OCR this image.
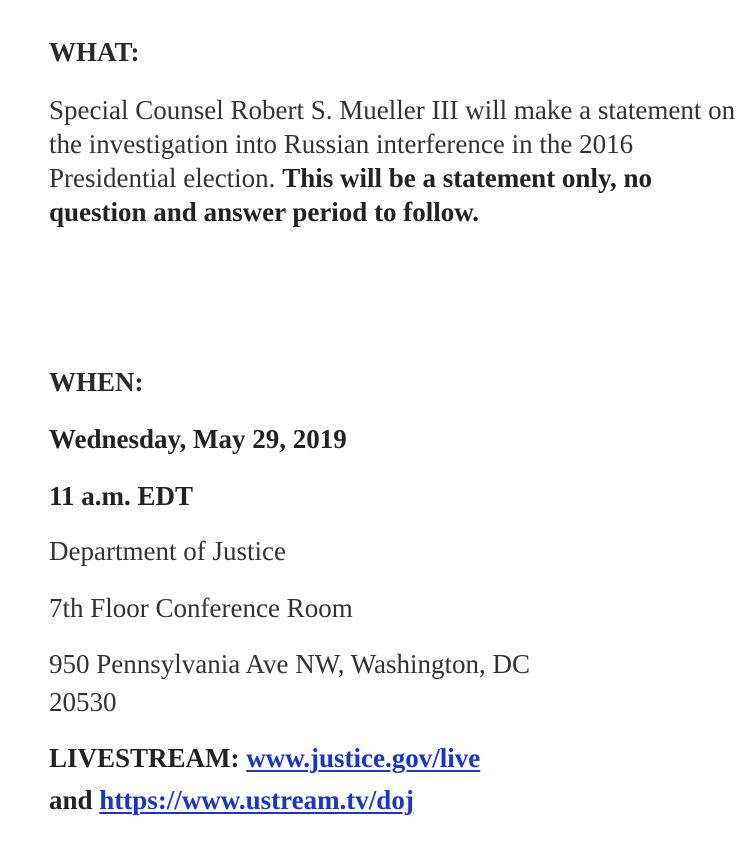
WHAT:
Special Counsel Robert S. Mueller III will make a statement on the investigation into Russian interference in the 2016 Presidential election. This will be a statement only, no question and answer period to follow.
WHEN:
Wednesday, May 29, 2019
11 a.m. EDT
Department of Justice
7th Floor Conference Room
950 Pennsylvania Ave NW, Washington, DC
20530
LIVESTREAM: www.justice.gov/live
and https://www.ustream.tv/doj
